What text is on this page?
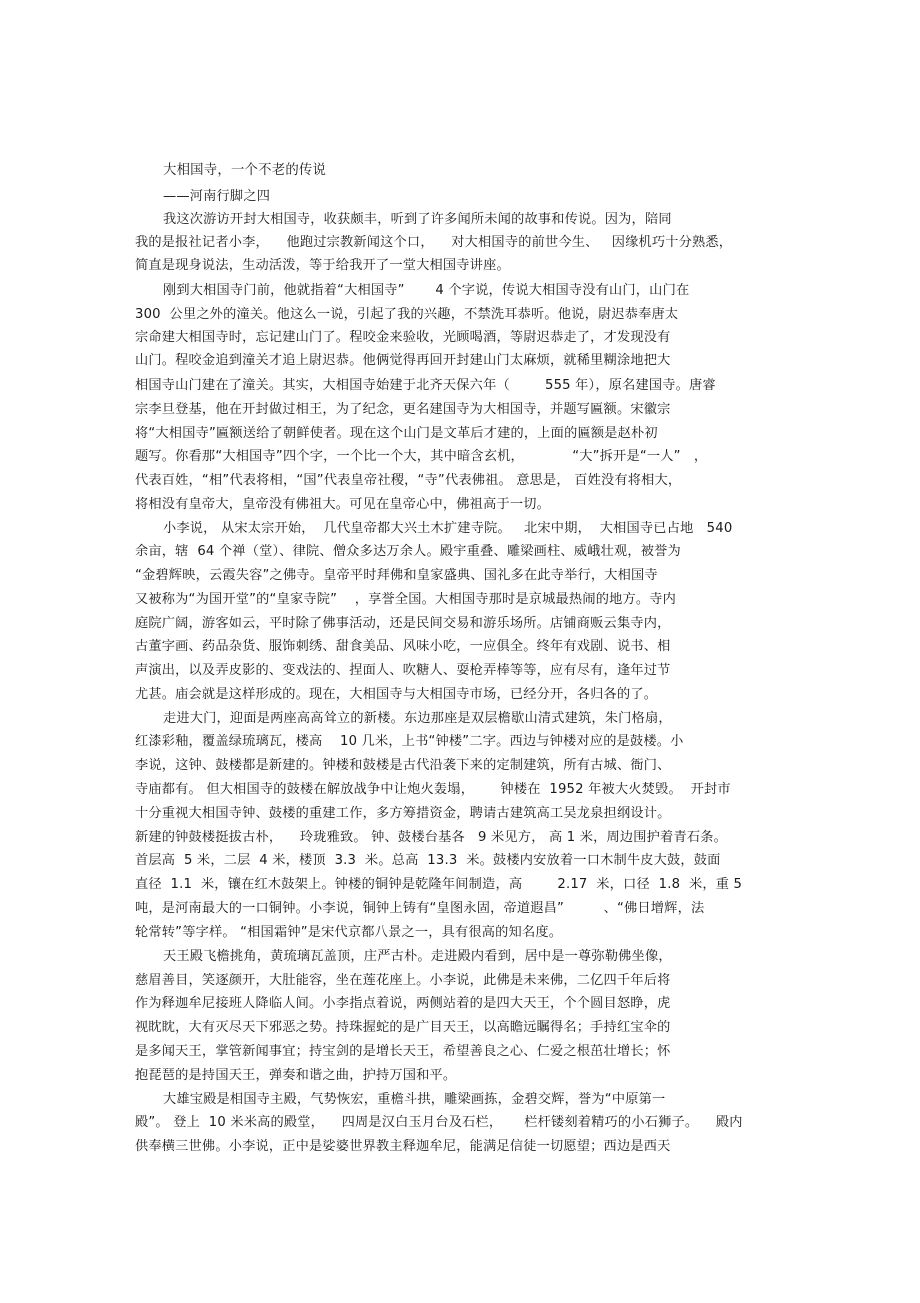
大相国寺，一个不老的传说
——河南行脚之四
我这次游访开封大相国寺，收获颇丰，听到了许多闻所未闻的故事和传说。因为，陪同
我的是报社记者小李，    他跑过宗教新闻这个口，    对大相国寺的前世今生、   因缘机巧十分熟悉，
简直是现身说法，生动活泼，等于给我开了一堂大相国寺讲座。
刚到大相国寺门前，他就指着“大相国寺”       4 个字说，传说大相国寺没有山门，山门在
300  公里之外的潼关。他这么一说，引起了我的兴趣，不禁洗耳恭听。他说，尉迟恭奉唐太
宗命建大相国寺时，忘记建山门了。程咬金来验收，光顾喝酒，等尉迟恭走了，才发现没有
山门。程咬金追到潼关才追上尉迟恭。他俩觉得再回开封建山门太麻烦，就稀里糊涂地把大
相国寺山门建在了潼关。其实，大相国寺始建于北齐天保六年（        555 年），原名建国寺。唐睿
宗李旦登基，他在开封做过相王，为了纪念，更名建国寺为大相国寺，并题写匾额。宋徽宗
将“大相国寺”匾额送给了朝鲜使者。现在这个山门是文革后才建的，上面的匾额是赵朴初
题写。你看那“大相国寺”四个字，一个比一个大，其中暗含玄机，           “大”拆开是“一人”   ，
代表百姓，“相”代表将相，“国”代表皇帝社稷，“寺”代表佛祖。 意思是， 百姓没有将相大，
将相没有皇帝大，皇帝没有佛祖大。可见在皇帝心中，佛祖高于一切。
小李说， 从宋太宗开始，  几代皇帝都大兴土木扩建寺院。   北宋中期，  大相国寺已占地   540
余亩，辖  64 个禅（堂）、律院、僧众多达万余人。殿宇重叠、雕梁画柱、威峨壮观，被誉为
“金碧辉映，云霞失容”之佛寺。皇帝平时拜佛和皇家盛典、国礼多在此寺举行，大相国寺
又被称为“为国开堂”的“皇家寺院”    ，享誉全国。大相国寺那时是京城最热闹的地方。寺内
庭院广阔，游客如云，平时除了佛事活动，还是民间交易和游乐场所。店铺商贩云集寺内，
古董字画、药品杂货、服饰刺绣、甜食美品、风味小吃，一应俱全。终年有戏剧、说书、相
声演出，以及弄皮影的、变戏法的、捏面人、吹糖人、耍枪弄棒等等，应有尽有，逢年过节
尤甚。庙会就是这样形成的。现在，大相国寺与大相国寺市场，已经分开，各归各的了。
走进大门，迎面是两座高高耸立的新楼。东边那座是双层檐歇山清式建筑，朱门格扇，
红漆彩釉，覆盖绿琉璃瓦，楼高    10 几米，上书“钟楼”二字。西边与钟楼对应的是鼓楼。小
李说，这钟、鼓楼都是新建的。钟楼和鼓楼是古代沿袭下来的定制建筑，所有古城、衙门、
寺庙都有。 但大相国寺的鼓楼在解放战争中让炮火轰塌，      钟楼在  1952 年被大火焚毁。  开封市
十分重视大相国寺钟、鼓楼的重建工作，多方筹措资金，聘请古建筑高工吴龙泉担纲设计。
新建的钟鼓楼挺拔古朴，    玲珑雅致。 钟、鼓楼台基各   9 米见方， 高 1 米，周边围护着青石条。
首层高  5 米，二层  4 米，楼顶  3.3  米。总高  13.3  米。鼓楼内安放着一口木制牛皮大鼓，鼓面
直径  1.1  米，镶在红木鼓架上。钟楼的铜钟是乾隆年间制造，高        2.17  米，口径  1.8  米，重 5
吨，是河南最大的一口铜钟。小李说，铜钟上铸有“皇图永固，帝道遐昌”         、“佛日增辉，法
轮常转”等字样。 “相国霜钟”是宋代京都八景之一，具有很高的知名度。
天王殿飞檐挑角，黄琉璃瓦盖顶，庄严古朴。走进殿内看到，居中是一尊弥勒佛坐像，
慈眉善目，笑逐颜开，大肚能容，坐在莲花座上。小李说，此佛是未来佛，二亿四千年后将
作为释迦牟尼接班人降临人间。小李指点着说，两侧站着的是四大天王，个个圆目怒睁，虎
视眈眈，大有灭尽天下邪恶之势。持珠握蛇的是广目天王，以高瞻远瞩得名；手持红宝伞的
是多闻天王，掌管新闻事宜；持宝剑的是增长天王，希望善良之心、仁爱之根茁壮增长；怀
抱琵琶的是持国天王，弹奏和谐之曲，护持万国和平。
大雄宝殿是相国寺主殿，气势恢宏，重檐斗拱，雕梁画拣，金碧交辉，誉为“中原第一
殿”。 登上  10 米米高的殿堂，    四周是汉白玉月台及石栏，     栏杆镂刻着精巧的小石狮子。    殿内
供奉横三世佛。小李说，正中是娑婆世界教主释迦牟尼，能满足信徒一切愿望；西边是西天
